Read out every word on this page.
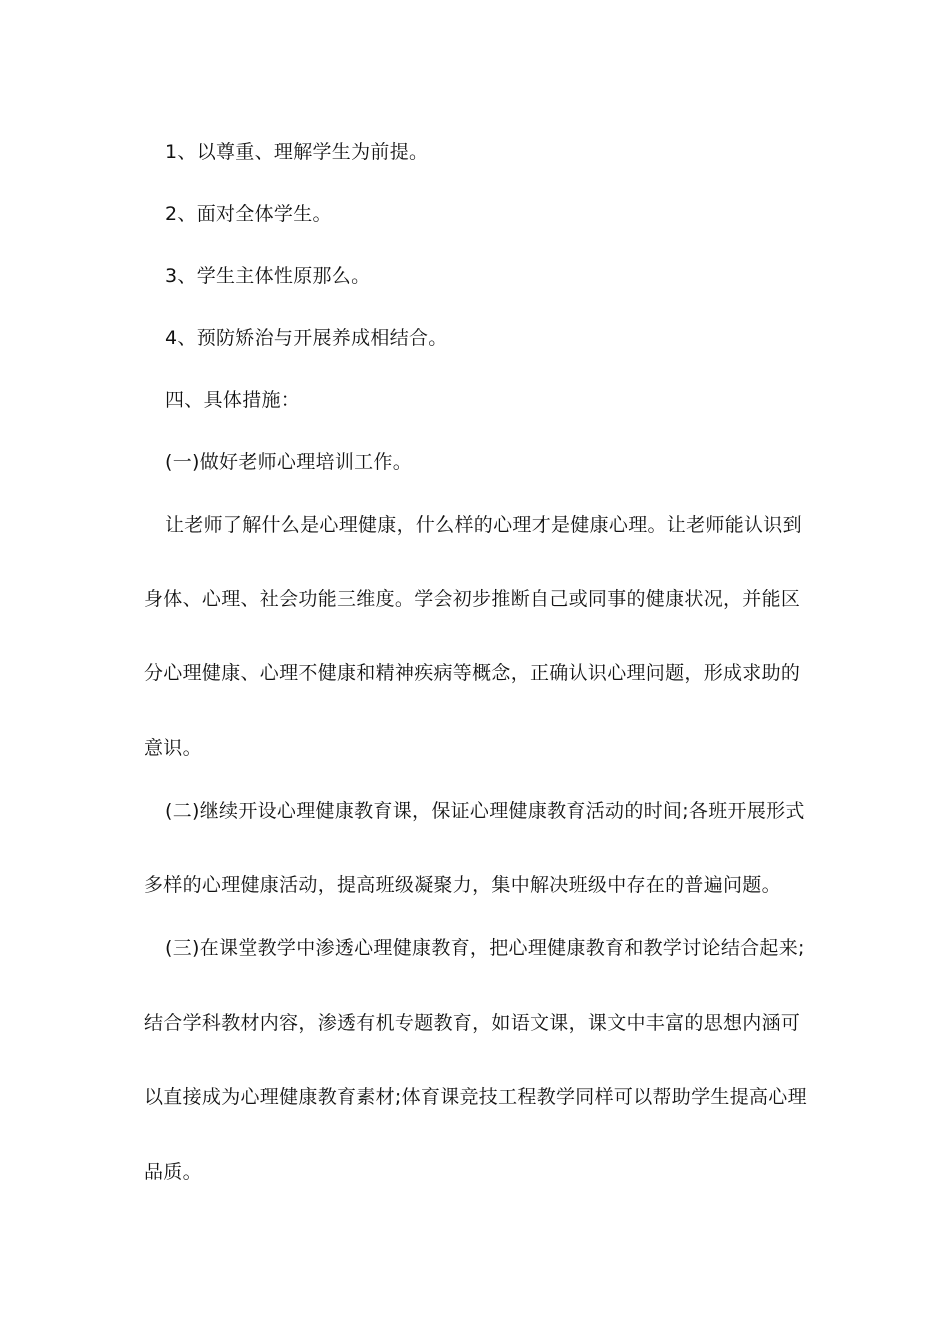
1、以尊重、理解学生为前提。
2、面对全体学生。
3、学生主体性原那么。
4、预防矫治与开展养成相结合。
四、具体措施：
(一)做好老师心理培训工作。
让老师了解什么是心理健康，什么样的心理才是健康心理。让老师能认识到
身体、心理、社会功能三维度。学会初步推断自己或同事的健康状况，并能区
分心理健康、心理不健康和精神疾病等概念，正确认识心理问题，形成求助的
意识。
(二)继续开设心理健康教育课，保证心理健康教育活动的时间;各班开展形式
多样的心理健康活动，提高班级凝聚力，集中解决班级中存在的普遍问题。
(三)在课堂教学中渗透心理健康教育，把心理健康教育和教学讨论结合起来;
结合学科教材内容，渗透有机专题教育，如语文课，课文中丰富的思想内涵可
以直接成为心理健康教育素材;体育课竞技工程教学同样可以帮助学生提高心理
品质。
